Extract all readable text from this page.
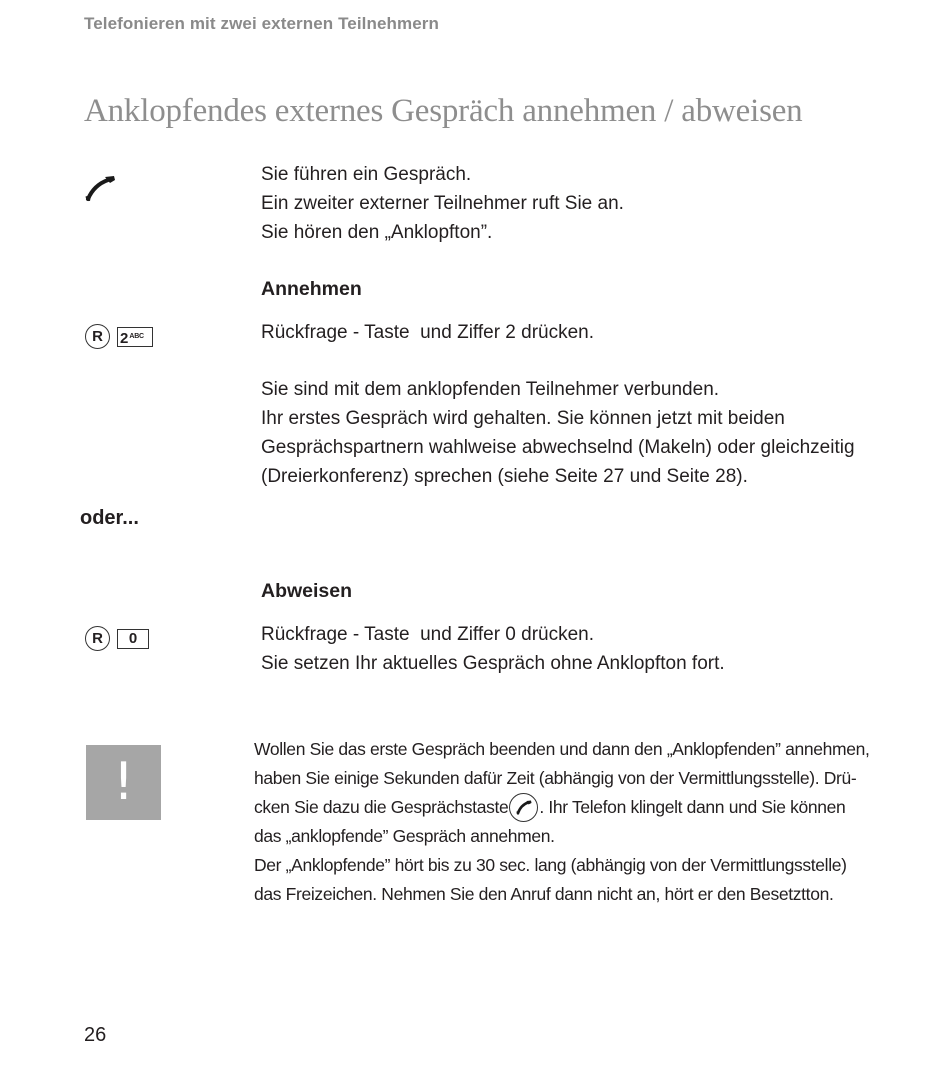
Telefonieren mit zwei externen Teilnehmern
Anklopfendes externes Gespräch annehmen / abweisen
Sie führen ein Gespräch.
Ein zweiter externer Teilnehmer ruft Sie an.
Sie hören den „Anklopfton”.
Annehmen
R	$2^{ABC}$	Rückfrage - Taste  und Ziffer 2 drücken.
Sie sind mit dem anklopfenden Teilnehmer verbunden.
Ihr erstes Gespräch wird gehalten. Sie können jetzt mit beiden
Gesprächspartnern wahlweise abwechselnd (Makeln) oder gleichzeitig
(Dreierkonferenz) sprechen (siehe Seite 27 und Seite 28).
oder...
Abweisen
R	0	Rückfrage - Taste  und Ziffer 0 drücken.
Sie setzen Ihr aktuelles Gespräch ohne Anklopfton fort.
!
Wollen Sie das erste Gespräch beenden und dann den „Anklopfenden” annehmen,
haben Sie einige Sekunden dafür Zeit (abhängig von der Vermittlungsstelle). Drü-
cken Sie dazu die Gesprächstaste . Ihr Telefon klingelt dann und Sie können
das „anklopfende” Gespräch annehmen.
Der „Anklopfende” hört bis zu 30 sec. lang (abhängig von der Vermittlungsstelle)
das Freizeichen. Nehmen Sie den Anruf dann nicht an, hört er den Besetztton.
26
